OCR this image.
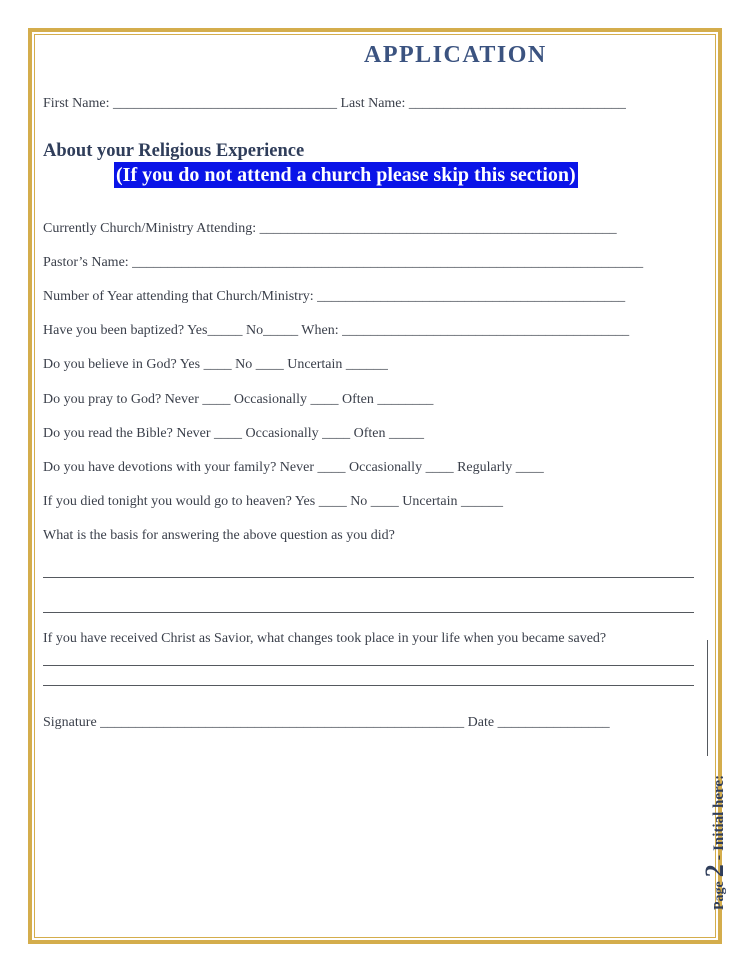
APPLICATION
First Name: ________________________________ Last Name: _______________________________
About your Religious Experience
(If you do not attend a church please skip this section)
Currently Church/Ministry Attending: ___________________________________________________
Pastor’s Name: _________________________________________________________________________
Number of Year attending that Church/Ministry: ____________________________________________
Have you been baptized? Yes_____ No_____ When: _________________________________________
Do you believe in God? Yes ____ No ____ Uncertain ______
Do you pray to God? Never ____ Occasionally ____ Often ________
Do you read the Bible? Never ____ Occasionally ____ Often _____
Do you have devotions with your family? Never ____ Occasionally ____ Regularly ____
If you died tonight you would go to heaven? Yes ____ No ____ Uncertain ______
What is the basis for answering the above question as you did?
If you have received Christ as Savior, what changes took place in your life when you became saved?
Signature ____________________________________________________ Date ________________
Page 2 - Initial here:
